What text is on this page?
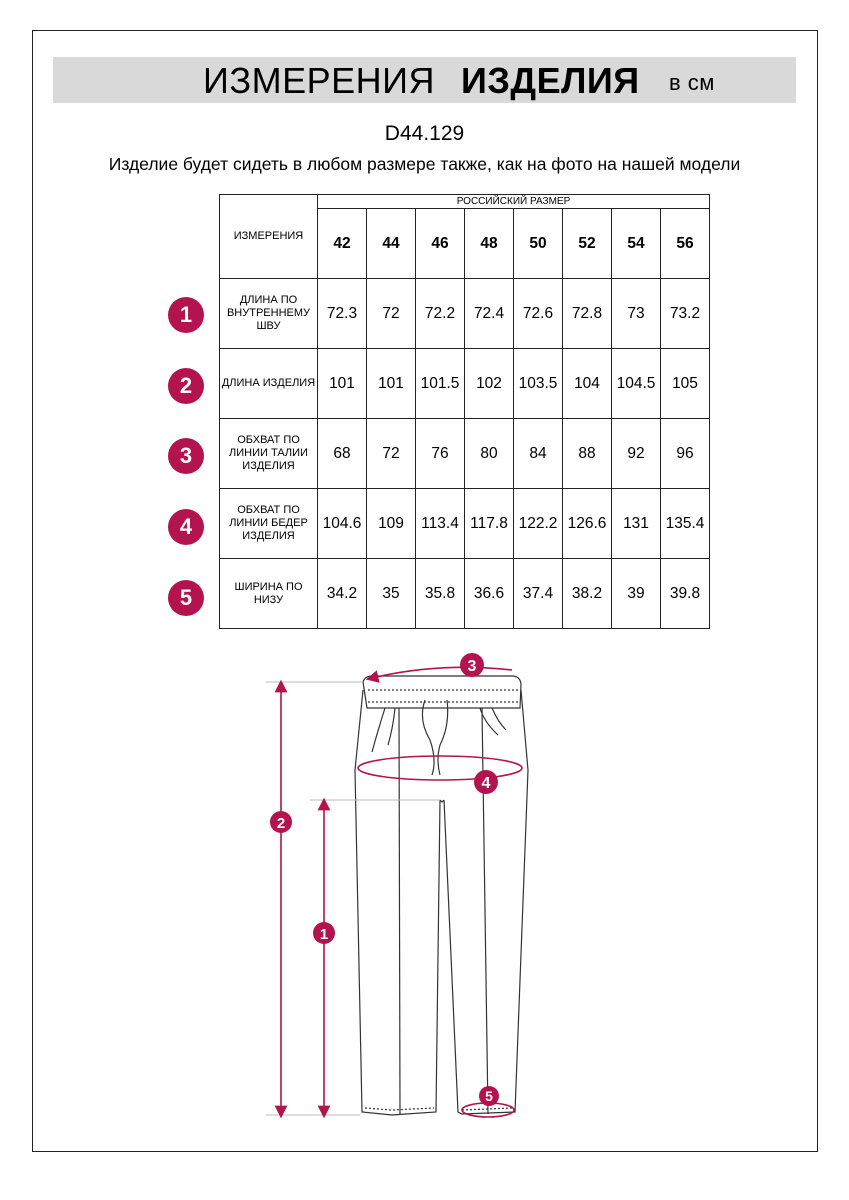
ИЗМЕРЕНИЯ ИЗДЕЛИЯ в см
D44.129
Изделие будет сидеть в любом размере также, как на фото на нашей модели
ИЗМЕРЕНИЯ	РОССИЙСКИЙ РАЗМЕР							
	42	44	46	48	50	52	54	56
ДЛИНА ПО ВНУТРЕННЕМУ ШВУ	72.3	72	72.2	72.4	72.6	72.8	73	73.2
ДЛИНА ИЗДЕЛИЯ	101	101	101.5	102	103.5	104	104.5	105
ОБХВАТ ПО ЛИНИИ ТАЛИИ ИЗДЕЛИЯ	68	72	76	80	84	88	92	96
ОБХВАТ ПО ЛИНИИ БЕДЕР ИЗДЕЛИЯ	104.6	109	113.4	117.8	122.2	126.6	131	135.4
ШИРИНА ПО НИЗУ	34.2	35	35.8	36.6	37.4	38.2	39	39.8
1
2
3
4
5
3
4
2
1
5
